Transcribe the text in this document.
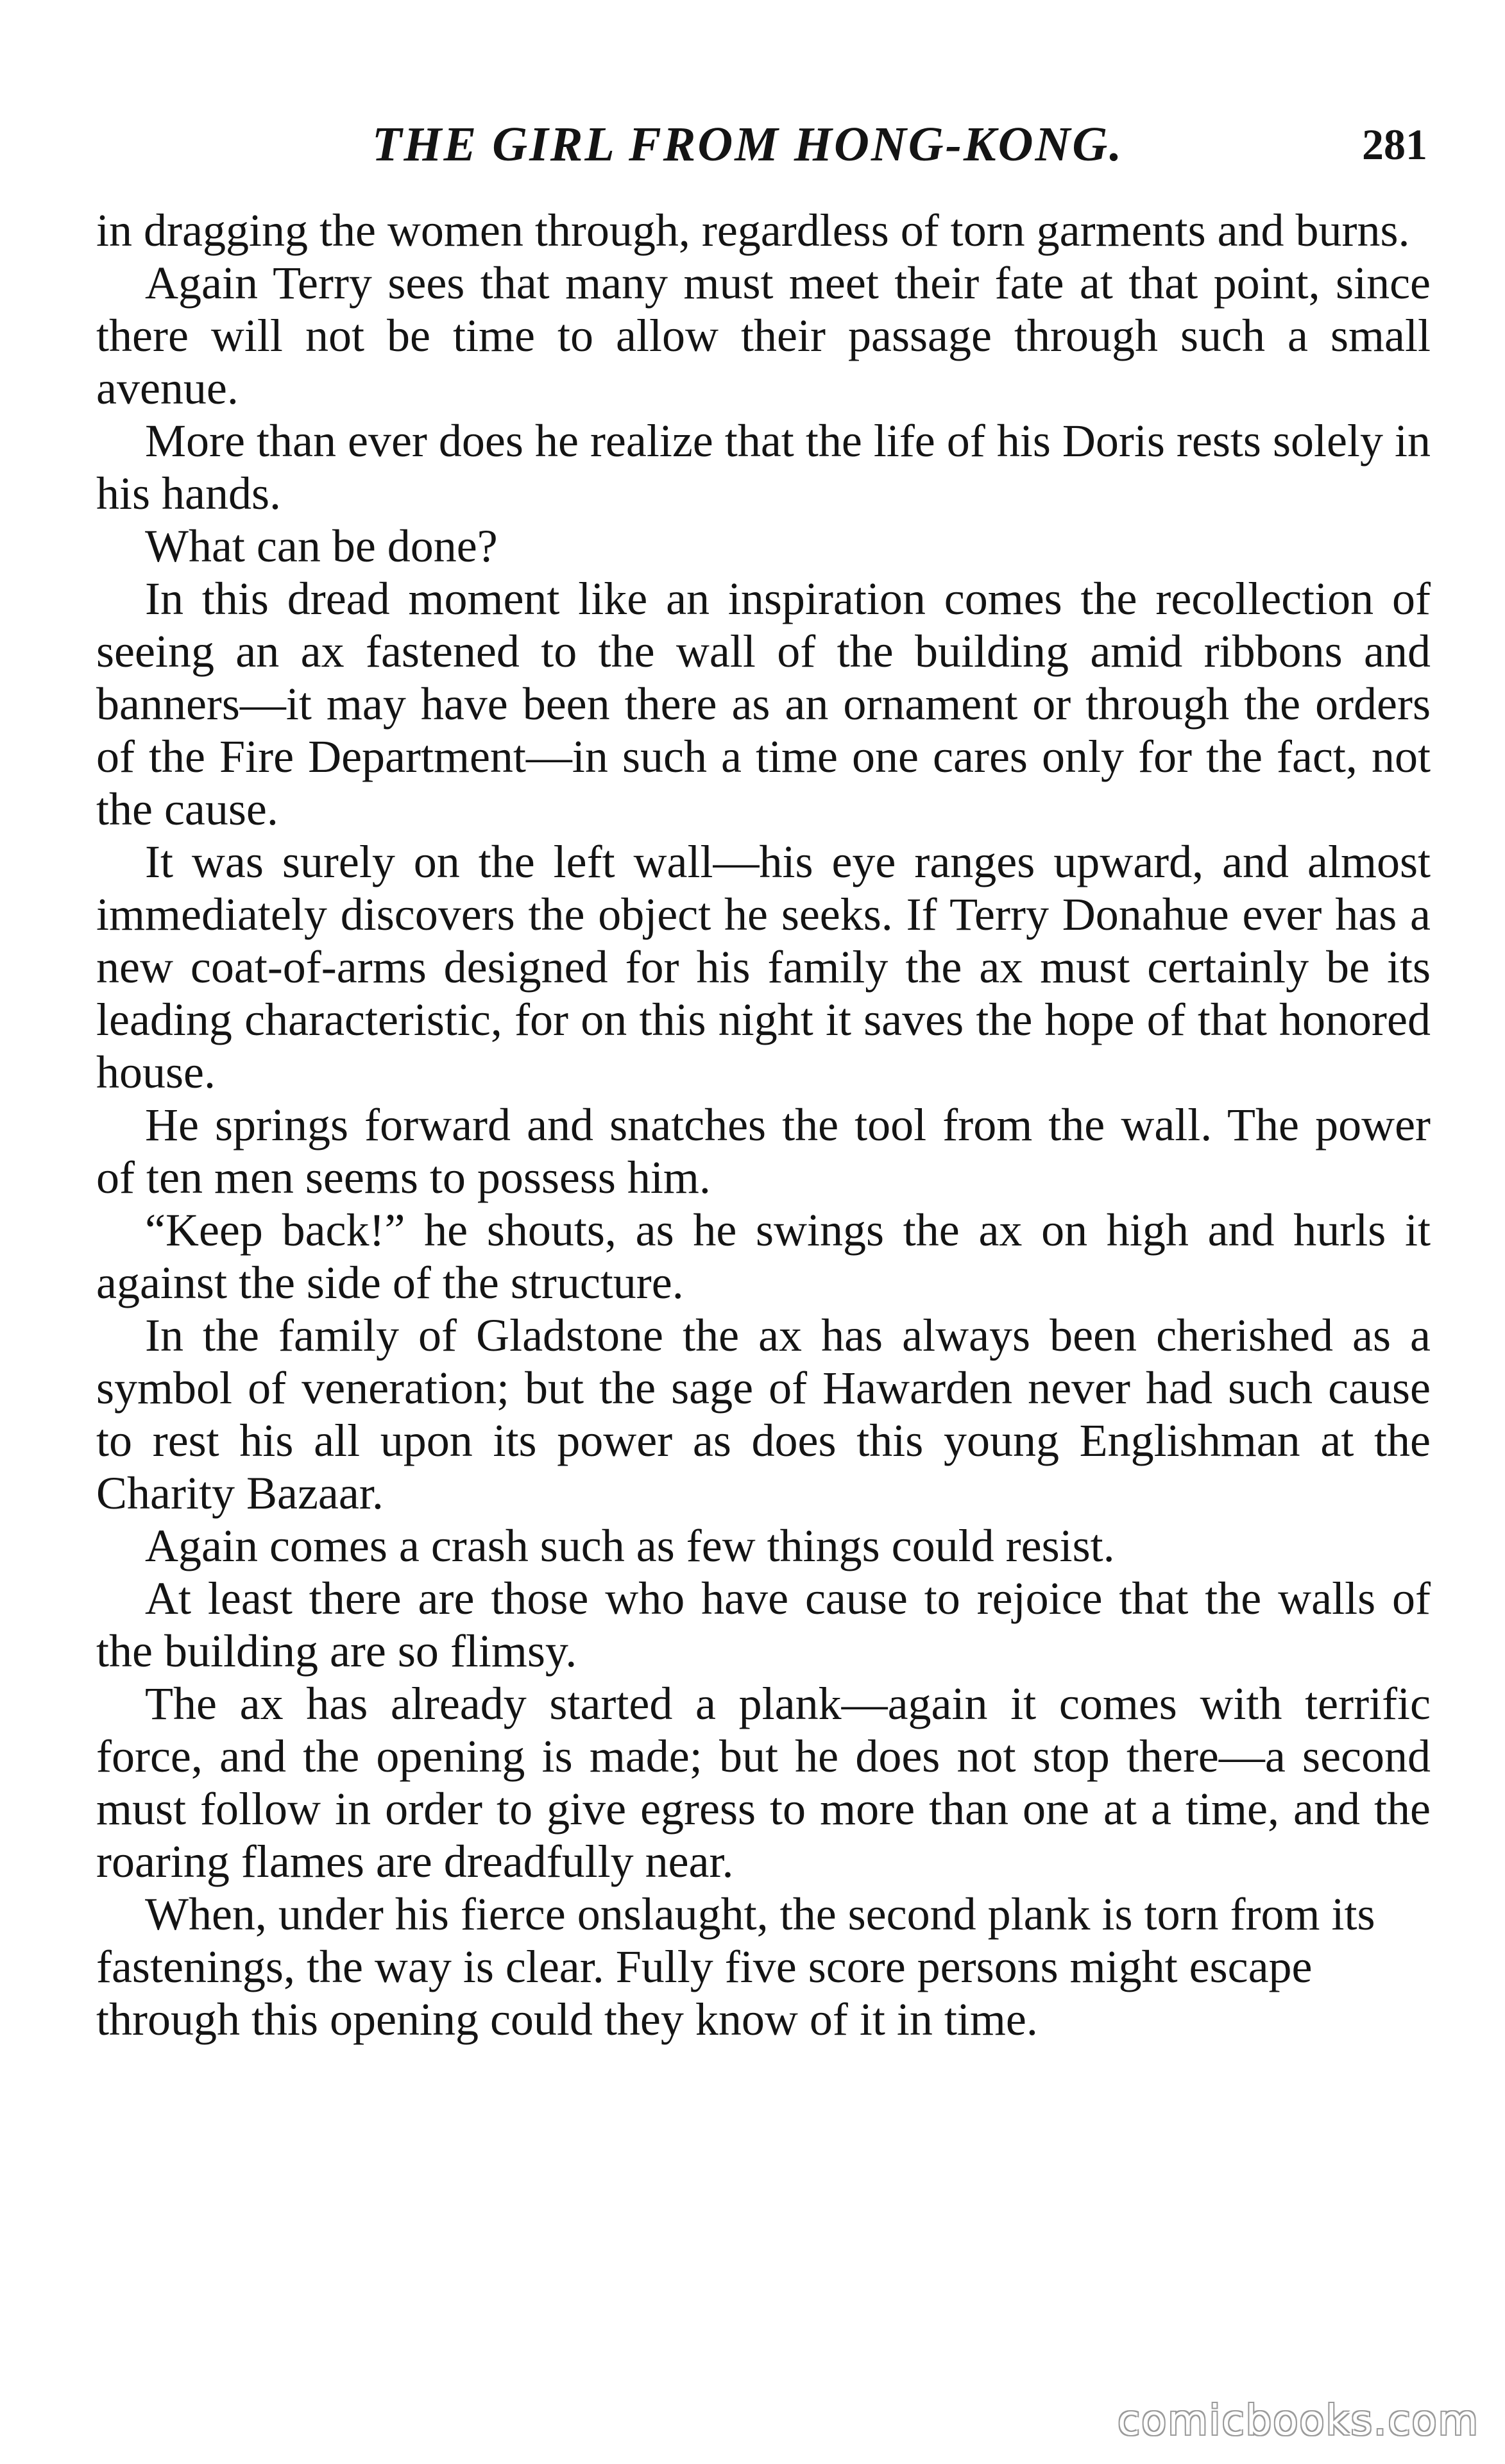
THE GIRL FROM HONG-KONG.	281

in dragging the women through, regardless of torn garments and burns.

Again Terry sees that many must meet their fate at that point, since there will not be time to allow their passage through such a small avenue.

More than ever does he realize that the life of his Doris rests solely in his hands.

What can be done?

In this dread moment like an inspiration comes the recollection of seeing an ax fastened to the wall of the building amid ribbons and banners—it may have been there as an ornament or through the orders of the Fire Department—in such a time one cares only for the fact, not the cause.

It was surely on the left wall—his eye ranges upward, and almost immediately discovers the object he seeks. If Terry Donahue ever has a new coat-of-arms designed for his family the ax must certainly be its leading characteristic, for on this night it saves the hope of that honored house.

He springs forward and snatches the tool from the wall. The power of ten men seems to possess him.

“Keep back!” he shouts, as he swings the ax on high and hurls it against the side of the structure.

In the family of Gladstone the ax has always been cherished as a symbol of veneration; but the sage of Hawarden never had such cause to rest his all upon its power as does this young Englishman at the Charity Bazaar.

Again comes a crash such as few things could resist.

At least there are those who have cause to rejoice that the walls of the building are so flimsy.

The ax has already started a plank—again it comes with terrific force, and the opening is made; but he does not stop there—a second must follow in order to give egress to more than one at a time, and the roaring flames are dreadfully near.

When, under his fierce onslaught, the second plank is torn from its fastenings, the way is clear. Fully five score persons might escape through this opening could they know of it in time.

comicbooks.com
